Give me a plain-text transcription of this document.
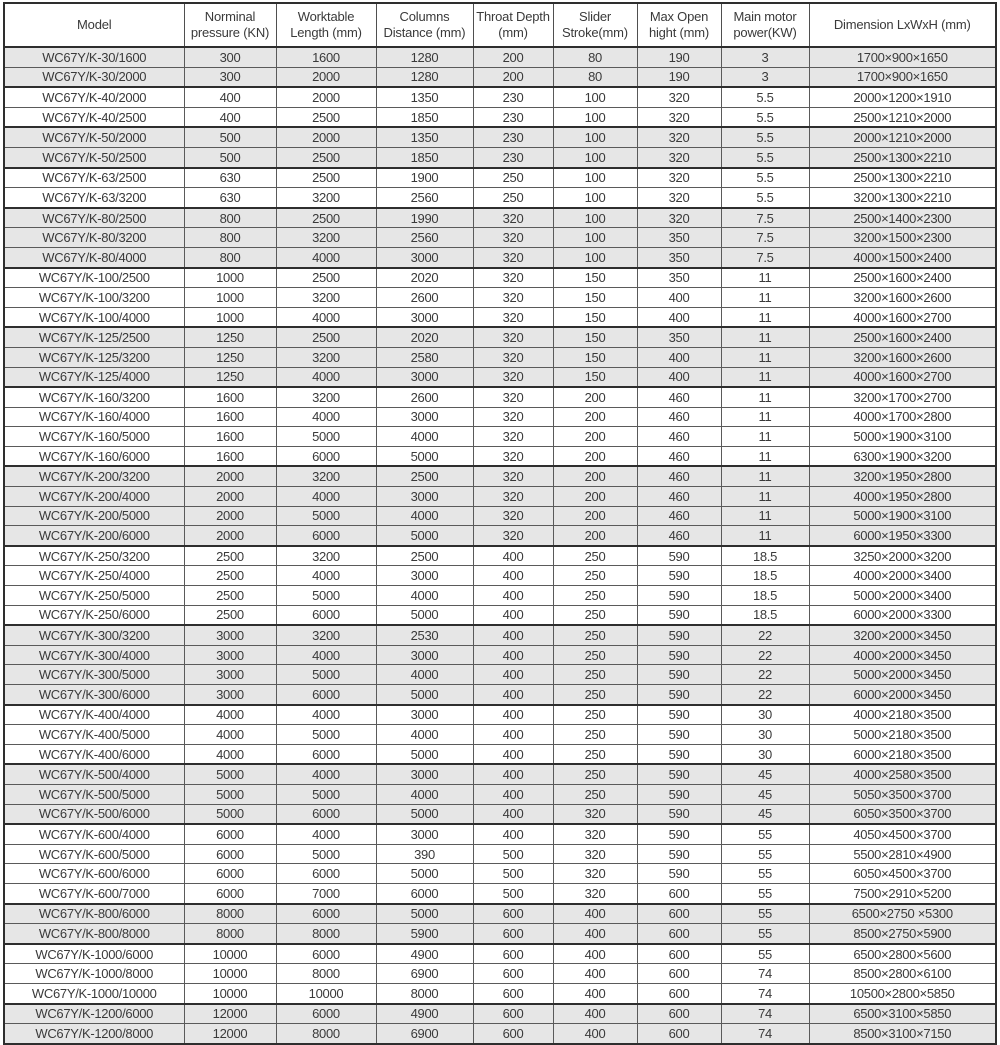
Model	Norminal pressure (KN)	Worktable Length (mm)	Columns Distance (mm)	Throat Depth (mm)	Slider Stroke(mm)	Max Open hight (mm)	Main motor power(KW)	Dimension LxWxH (mm)
WC67Y/K-30/1600	300	1600	1280	200	80	190	3	1700×900×1650
WC67Y/K-30/2000	300	2000	1280	200	80	190	3	1700×900×1650
WC67Y/K-40/2000	400	2000	1350	230	100	320	5.5	2000×1200×1910
WC67Y/K-40/2500	400	2500	1850	230	100	320	5.5	2500×1210×2000
WC67Y/K-50/2000	500	2000	1350	230	100	320	5.5	2000×1210×2000
WC67Y/K-50/2500	500	2500	1850	230	100	320	5.5	2500×1300×2210
WC67Y/K-63/2500	630	2500	1900	250	100	320	5.5	2500×1300×2210
WC67Y/K-63/3200	630	3200	2560	250	100	320	5.5	3200×1300×2210
WC67Y/K-80/2500	800	2500	1990	320	100	320	7.5	2500×1400×2300
WC67Y/K-80/3200	800	3200	2560	320	100	350	7.5	3200×1500×2300
WC67Y/K-80/4000	800	4000	3000	320	100	350	7.5	4000×1500×2400
WC67Y/K-100/2500	1000	2500	2020	320	150	350	11	2500×1600×2400
WC67Y/K-100/3200	1000	3200	2600	320	150	400	11	3200×1600×2600
WC67Y/K-100/4000	1000	4000	3000	320	150	400	11	4000×1600×2700
WC67Y/K-125/2500	1250	2500	2020	320	150	350	11	2500×1600×2400
WC67Y/K-125/3200	1250	3200	2580	320	150	400	11	3200×1600×2600
WC67Y/K-125/4000	1250	4000	3000	320	150	400	11	4000×1600×2700
WC67Y/K-160/3200	1600	3200	2600	320	200	460	11	3200×1700×2700
WC67Y/K-160/4000	1600	4000	3000	320	200	460	11	4000×1700×2800
WC67Y/K-160/5000	1600	5000	4000	320	200	460	11	5000×1900×3100
WC67Y/K-160/6000	1600	6000	5000	320	200	460	11	6300×1900×3200
WC67Y/K-200/3200	2000	3200	2500	320	200	460	11	3200×1950×2800
WC67Y/K-200/4000	2000	4000	3000	320	200	460	11	4000×1950×2800
WC67Y/K-200/5000	2000	5000	4000	320	200	460	11	5000×1900×3100
WC67Y/K-200/6000	2000	6000	5000	320	200	460	11	6000×1950×3300
WC67Y/K-250/3200	2500	3200	2500	400	250	590	18.5	3250×2000×3200
WC67Y/K-250/4000	2500	4000	3000	400	250	590	18.5	4000×2000×3400
WC67Y/K-250/5000	2500	5000	4000	400	250	590	18.5	5000×2000×3400
WC67Y/K-250/6000	2500	6000	5000	400	250	590	18.5	6000×2000×3300
WC67Y/K-300/3200	3000	3200	2530	400	250	590	22	3200×2000×3450
WC67Y/K-300/4000	3000	4000	3000	400	250	590	22	4000×2000×3450
WC67Y/K-300/5000	3000	5000	4000	400	250	590	22	5000×2000×3450
WC67Y/K-300/6000	3000	6000	5000	400	250	590	22	6000×2000×3450
WC67Y/K-400/4000	4000	4000	3000	400	250	590	30	4000×2180×3500
WC67Y/K-400/5000	4000	5000	4000	400	250	590	30	5000×2180×3500
WC67Y/K-400/6000	4000	6000	5000	400	250	590	30	6000×2180×3500
WC67Y/K-500/4000	5000	4000	3000	400	250	590	45	4000×2580×3500
WC67Y/K-500/5000	5000	5000	4000	400	250	590	45	5050×3500×3700
WC67Y/K-500/6000	5000	6000	5000	400	320	590	45	6050×3500×3700
WC67Y/K-600/4000	6000	4000	3000	400	320	590	55	4050×4500×3700
WC67Y/K-600/5000	6000	5000	390	500	320	590	55	5500×2810×4900
WC67Y/K-600/6000	6000	6000	5000	500	320	590	55	6050×4500×3700
WC67Y/K-600/7000	6000	7000	6000	500	320	600	55	7500×2910×5200
WC67Y/K-800/6000	8000	6000	5000	600	400	600	55	6500×2750 ×5300
WC67Y/K-800/8000	8000	8000	5900	600	400	600	55	8500×2750×5900
WC67Y/K-1000/6000	10000	6000	4900	600	400	600	55	6500×2800×5600
WC67Y/K-1000/8000	10000	8000	6900	600	400	600	74	8500×2800×6100
WC67Y/K-1000/10000	10000	10000	8000	600	400	600	74	10500×2800×5850
WC67Y/K-1200/6000	12000	6000	4900	600	400	600	74	6500×3100×5850
WC67Y/K-1200/8000	12000	8000	6900	600	400	600	74	8500×3100×7150
